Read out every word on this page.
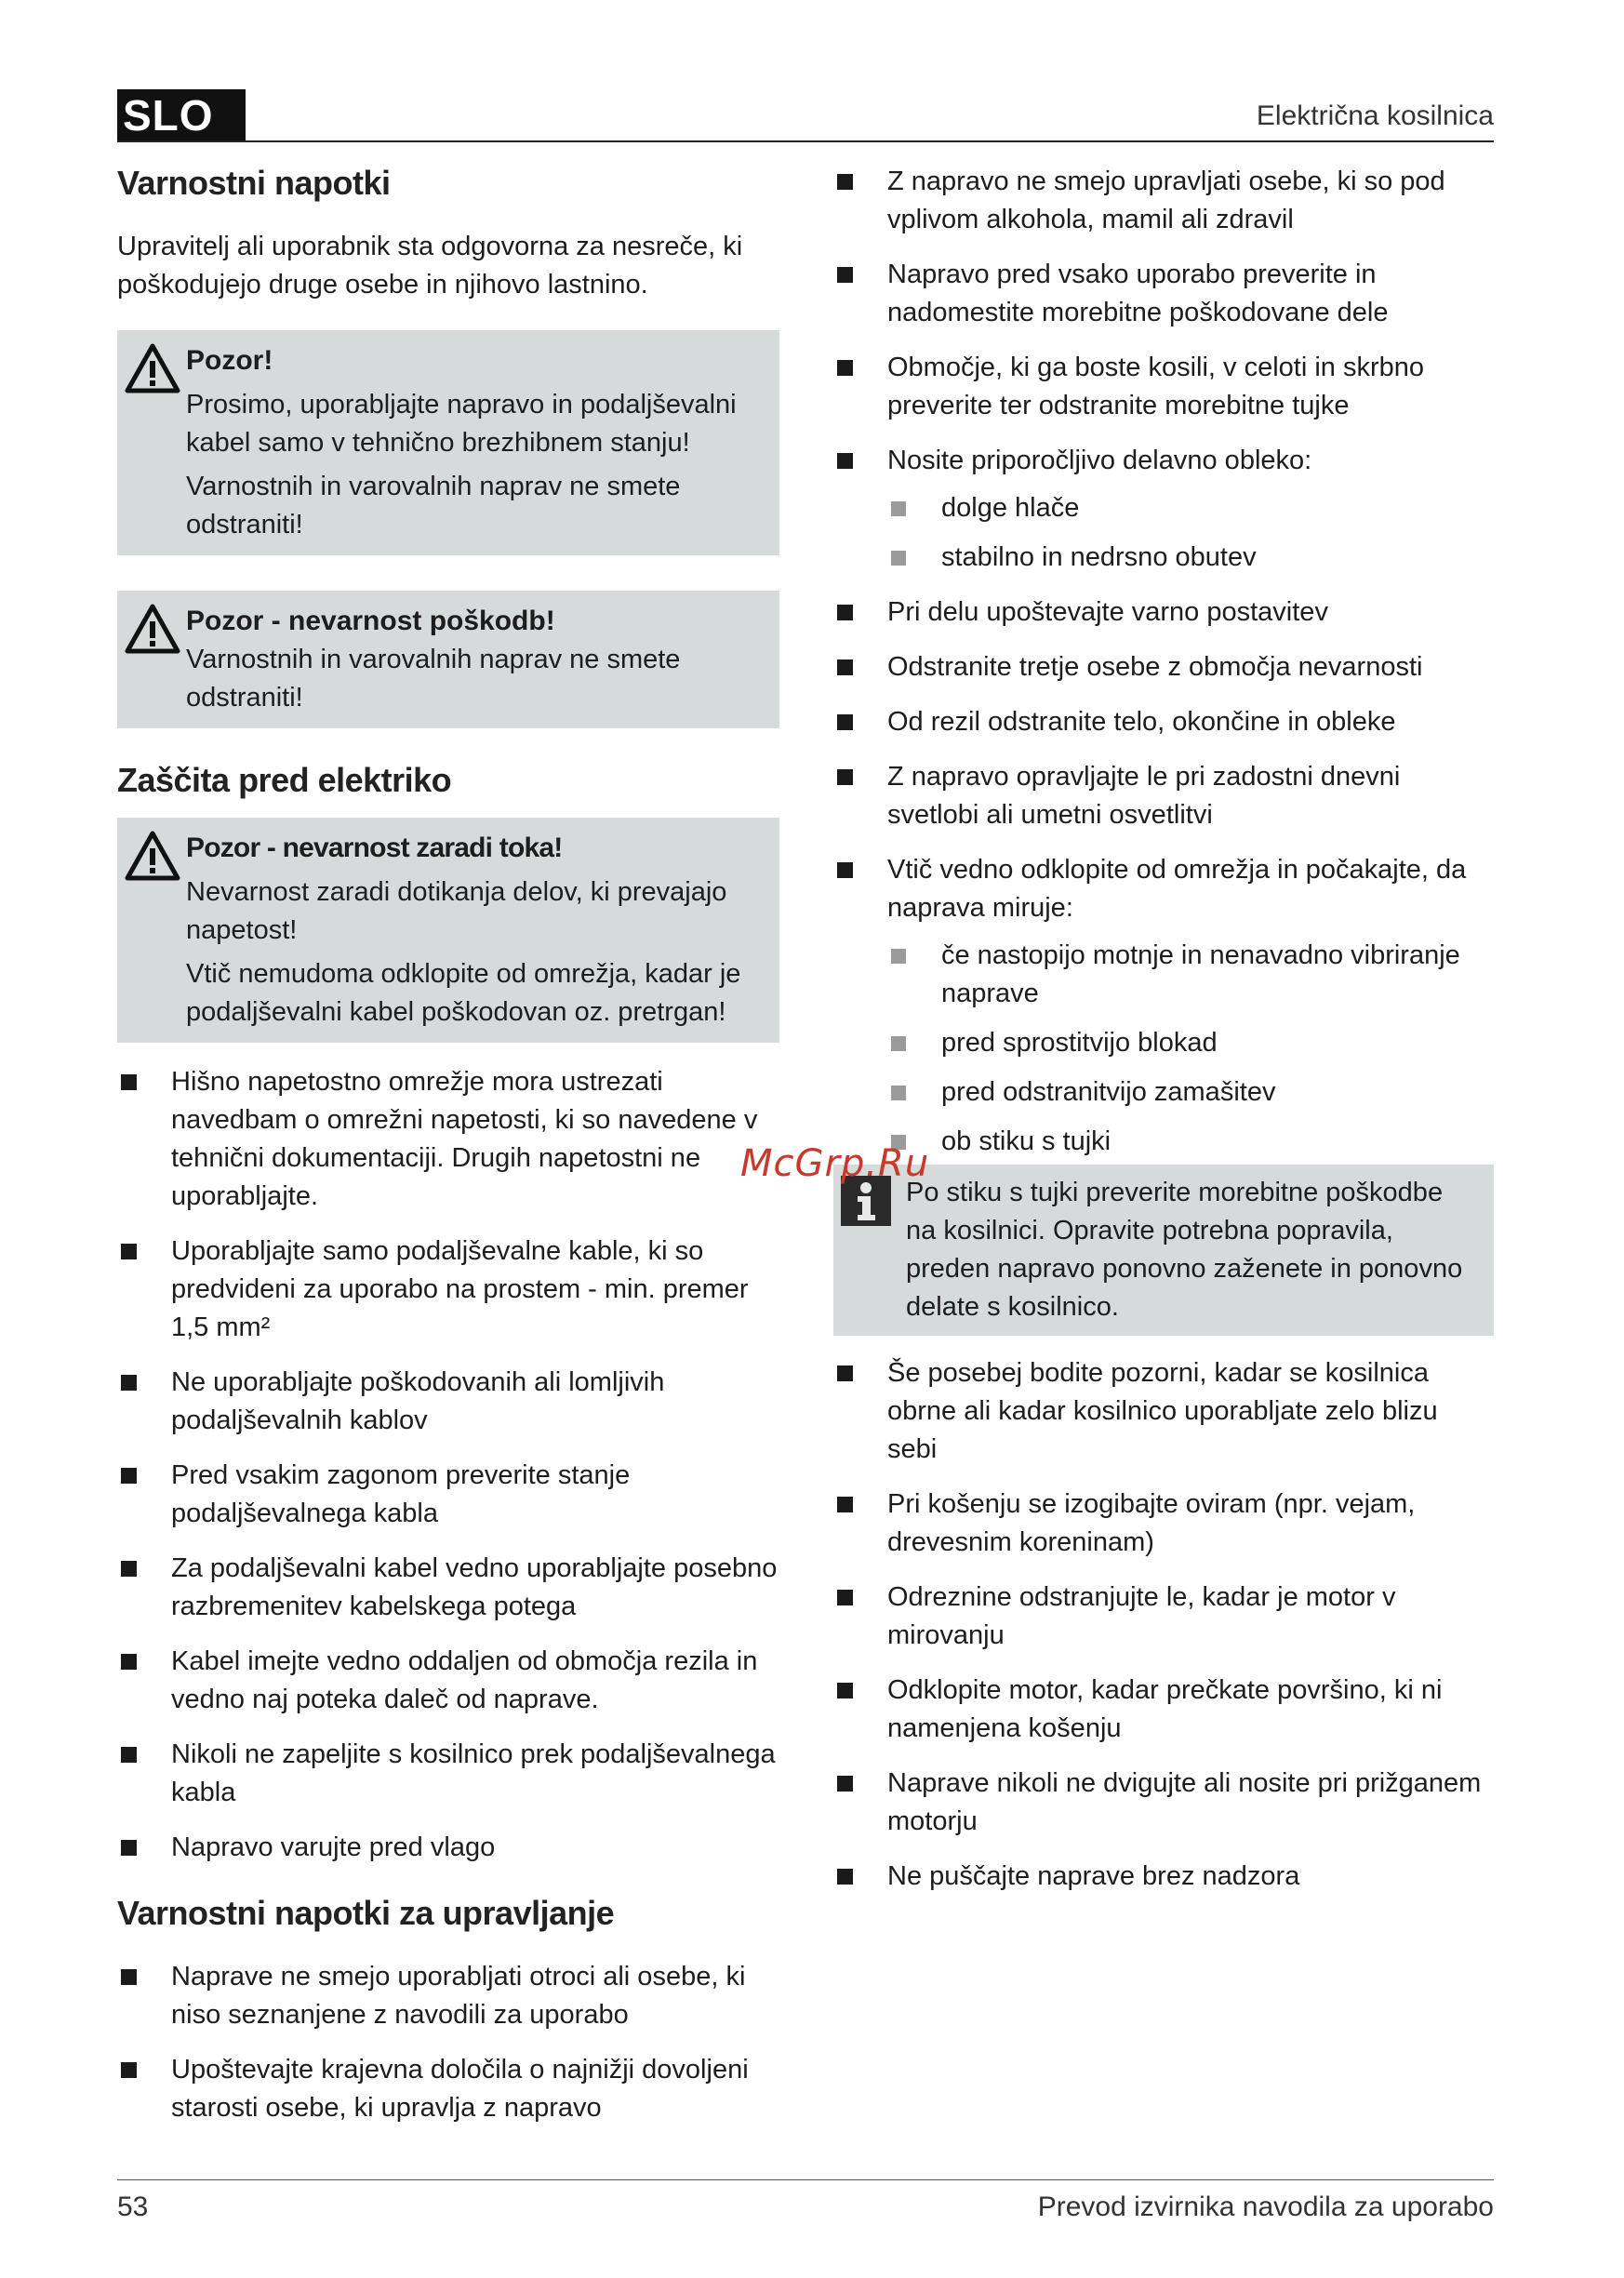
SLO	Električna kosilnica
Varnostni napotki

Upravitelj ali uporabnik sta odgovorna za nesreče, ki poškodujejo druge osebe in njihovo lastnino.

Pozor!

Prosimo, uporabljajte napravo in podaljševalni kabel samo v tehnično brezhibnem stanju!

Varnostnih in varovalnih naprav ne smete odstraniti!

Pozor - nevarnost poškodb!

Varnostnih in varovalnih naprav ne smete odstraniti!

Zaščita pred elektriko
Pozor - nevarnost zaradi toka!

Nevarnost zaradi dotikanja delov, ki prevajajo napetost!

Vtič nemudoma odklopite od omrežja, kadar je podaljševalni kabel poškodovan oz. pretrgan!

Hišno napetostno omrežje mora ustrezati navedbam o omrežni napetosti, ki so navedene v tehnični dokumentaciji. Drugih napetostni ne uporabljajte.
Uporabljajte samo podaljševalne kable, ki so predvideni za uporabo na prostem - min. premer 1,5 mm²
Ne uporabljajte poškodovanih ali lomljivih podaljševalnih kablov
Pred vsakim zagonom preverite stanje podaljševalnega kabla
Za podaljševalni kabel vedno uporabljajte posebno razbremenitev kabelskega potega
Kabel imejte vedno oddaljen od območja rezila in vedno naj poteka daleč od naprave.
Nikoli ne zapeljite s kosilnico prek podaljševalnega kabla
Napravo varujte pred vlago
Varnostni napotki za upravljanje
Naprave ne smejo uporabljati otroci ali osebe, ki niso seznanjene z navodili za uporabo
Upoštevajte krajevna določila o najnižji dovoljeni starosti osebe, ki upravlja z napravo
Z napravo ne smejo upravljati osebe, ki so pod vplivom alkohola, mamil ali zdravil
Napravo pred vsako uporabo preverite in nadomestite morebitne poškodovane dele
Območje, ki ga boste kosili, v celoti in skrbno preverite ter odstranite morebitne tujke
Nosite priporočljivo delavno obleko:
dolge hlače
stabilno in nedrsno obutev
Pri delu upoštevajte varno postavitev
Odstranite tretje osebe z območja nevarnosti
Od rezil odstranite telo, okončine in obleke
Z napravo opravljajte le pri zadostni dnevni svetlobi ali umetni osvetlitvi
Vtič vedno odklopite od omrežja in počakajte, da naprava miruje:
če nastopijo motnje in nenavadno vibriranje naprave
pred sprostitvijo blokad
pred odstranitvijo zamašitev
ob stiku s tujki

Po stiku s tujki preverite morebitne poškodbe na kosilnici. Opravite potrebna popravila, preden napravo ponovno zaženete in ponovno delate s kosilnico.

Še posebej bodite pozorni, kadar se kosilnica obrne ali kadar kosilnico uporabljate zelo blizu sebi
Pri košenju se izogibajte oviram (npr. vejam, drevesnim koreninam)
Odreznine odstranjujte le, kadar je motor v mirovanju
Odklopite motor, kadar prečkate površino, ki ni namenjena košenju
Naprave nikoli ne dvigujte ali nosite pri prižganem motorju
Ne puščajte naprave brez nadzora
McGrp.Ru
53	Prevod izvirnika navodila za uporabo
